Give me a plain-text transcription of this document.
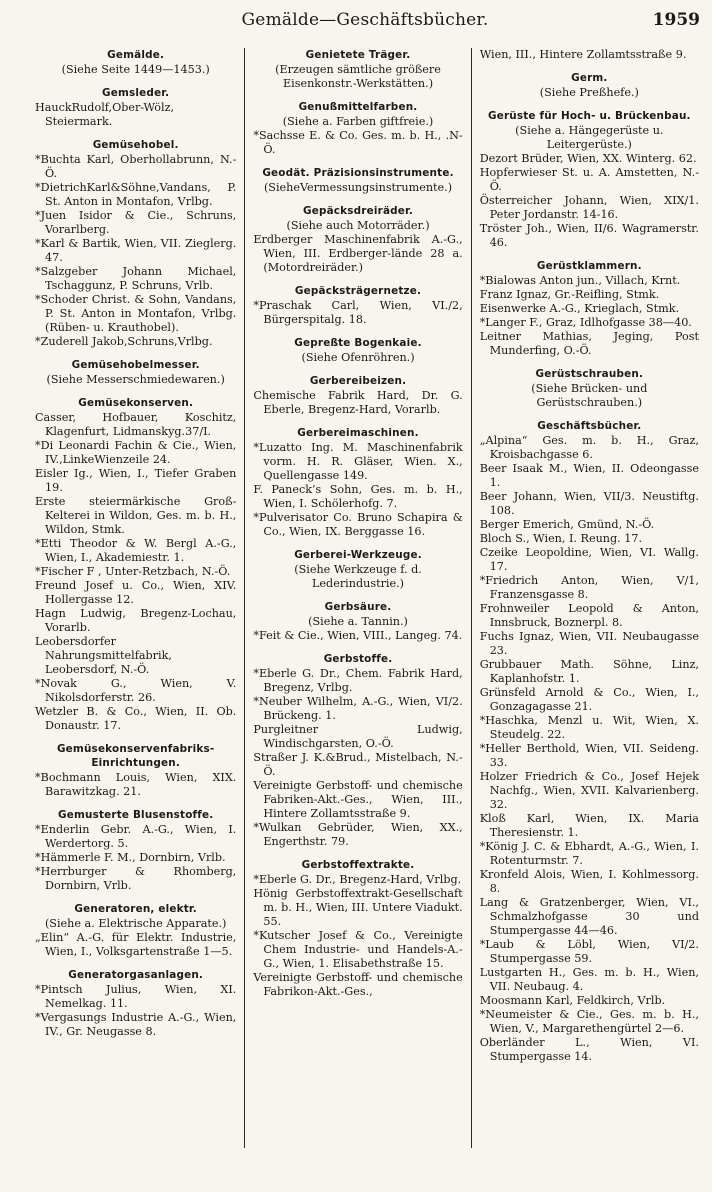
Gemälde—Geschäftsbücher.	1959
Gemälde.

(Siehe Seite 1449—1453.)

Gemsleder.

HauckRudolf,Ober-Wölz, Steiermark.

Gemüsehobel.

*Buchta Karl, Oberhollabrunn, N.-Ö.

*DietrichKarl&Söhne,Vandans, P. St. Anton in Montafon, Vrlbg.

*Juen Isidor & Cie., Schruns, Vorarlberg.

*Karl & Bartik, Wien, VII. Zieglerg. 47.

*Salzgeber Johann Michael, Tschaggunz, P. Schruns, Vrlb.

*Schoder Christ. & Sohn, Vandans, P. St. Anton in Montafon, Vrlbg. (Rüben- u. Krauthobel).

*Zuderell Jakob,Schruns,Vrlbg.

Gemüsehobelmesser.

(Siehe Messerschmiedewaren.)

Gemüsekonserven.

Casser, Hofbauer, Koschitz, Klagenfurt, Lidmanskyg.37/I.

*Di Leonardi Fachin & Cie., Wien, IV.,LinkeWienzeile 24.

Eisler Ig., Wien, I., Tiefer Graben 19.

Erste steiermärkische Groß-Kelterei in Wildon, Ges. m. b. H., Wildon, Stmk.

*Etti Theodor & W. Bergl A.-G., Wien, I., Akademiestr. 1.

*Fischer F , Unter-Retzbach, N.-Ö.

Freund Josef u. Co., Wien, XIV. Hollergasse 12.

Hagn Ludwig, Bregenz-Lochau, Vorarlb.

Leobersdorfer Nahrungsmittelfabrik, Leobersdorf, N.-Ö.

*Novak G., Wien, V. Nikolsdorferstr. 26.

Wetzler B. & Co., Wien, II. Ob. Donaustr. 17.

Gemüsekonservenfabriks-Einrichtungen.

*Bochmann Louis, Wien, XIX. Barawitzkag. 21.

Gemusterte Blusenstoffe.

*Enderlin Gebr. A.-G., Wien, I. Werdertorg. 5.

*Hämmerle F. M., Dornbirn, Vrlb.

*Herrburger & Rhomberg, Dornbirn, Vrlb.

Generatoren, elektr.

(Siehe a. Elektrische Apparate.)

„Elin“ A.-G. für Elektr. Industrie, Wien, I., Volksgartenstraße 1—5.

Generatorgasanlagen.

*Pintsch Julius, Wien, XI. Nemelkag. 11.

*Vergasungs Industrie A.-G., Wien, IV., Gr. Neugasse 8.

Genietete Träger.

(Erzeugen sämtliche größere Eisenkonstr.-Werkstätten.)

Genußmittelfarben.

(Siehe a. Farben giftfreie.)

*Sachsse E. & Co. Ges. m. b. H., .N-Ö.

Geodät. Präzisionsinstrumente.

(SieheVermessungsinstrumente.)

Gepäcksdreiräder.

(Siehe auch Motorräder.)

Erdberger Maschinenfabrik A.-G., Wien, III. Erdberger-lände 28 a. (Motordreiräder.)

Gepäcksträgernetze.

*Praschak Carl, Wien, VI./2, Bürgerspitalg. 18.

Gepreßte Bogenkaie.

(Siehe Ofenröhren.)

Gerbereibeizen.

Chemische Fabrik Hard, Dr. G. Eberle, Bregenz-Hard, Vorarlb.

Gerbereimaschinen.

*Luzatto Ing. M. Maschinenfabrik vorm. H. R. Gläser, Wien. X., Quellengasse 149.

F. Paneck’s Sohn, Ges. m. b. H., Wien, I. Schölerhofg. 7.

*Pulverisator Co. Bruno Schapira & Co., Wien, IX. Berggasse 16.

Gerberei-Werkzeuge.

(Siehe Werkzeuge f. d. Lederindustrie.)

Gerbsäure.

(Siehe a. Tannin.)

*Feit & Cie., Wien, VIII., Langeg. 74.

Gerbstoffe.

*Eberle G. Dr., Chem. Fabrik Hard, Bregenz, Vrlbg.

*Neuber Wilhelm, A.-G., Wien, VI/2. Brückeng. 1.

Purgleitner Ludwig, Windischgarsten, O.-Ö.

Straßer J. K.&Brud., Mistelbach, N.-Ö.

Vereinigte Gerbstoff- und chemische Fabriken-Akt.-Ges., Wien, III., Hintere Zollamtsstraße 9.

*Wulkan Gebrüder, Wien, XX., Engerthstr. 79.

Gerbstoffextrakte.

*Eberle G. Dr., Bregenz-Hard, Vrlbg.

Hönig Gerbstoffextrakt-Gesellschaft m. b. H., Wien, III. Untere Viadukt. 55.

*Kutscher Josef & Co., Vereinigte Chem Industrie- und Handels-A.-G., Wien, 1. Elisabethstraße 15.

Vereinigte Gerbstoff- und chemische Fabrikon-Akt.-Ges.,

Wien, III., Hintere Zollamtsstraße 9.

Germ.

(Siehe Preßhefe.)

Gerüste für Hoch- u. Brückenbau.

(Siehe a. Hängegerüste u. Leitergerüste.)

Dezort Brüder, Wien, XX. Winterg. 62.

Hopferwieser St. u. A. Amstetten, N.-Ö.

Österreicher Johann, Wien, XIX/1. Peter Jordanstr. 14-16.

Tröster Joh., Wien, II/6. Wagramerstr. 46.

Gerüstklammern.

*Bialowas Anton jun., Villach, Krnt.

Franz Ignaz, Gr.-Reifling, Stmk.

Eisenwerke A.-G., Krieglach, Stmk.

*Langer F., Graz, Idlhofgasse 38—40.

Leitner Mathias, Jeging, Post Munderfing, O.-Ö.

Gerüstschrauben.

(Siehe Brücken- und Gerüstschrauben.)

Geschäftsbücher.

„Alpina“ Ges. m. b. H., Graz, Kroisbachgasse 6.

Beer Isaak M., Wien, II. Odeongasse 1.

Beer Johann, Wien, VII/3. Neustiftg. 108.

Berger Emerich, Gmünd, N.-Ö.

Bloch S., Wien, I. Reung. 17.

Czeike Leopoldine, Wien, VI. Wallg. 17.

*Friedrich Anton, Wien, V/1, Franzensgasse 8.

Frohnweiler Leopold & Anton, Innsbruck, Boznerpl. 8.

Fuchs Ignaz, Wien, VII. Neubaugasse 23.

Grubbauer Math. Söhne, Linz, Kaplanhofstr. 1.

Grünsfeld Arnold & Co., Wien, I., Gonzagagasse 21.

*Haschka, Menzl u. Wit, Wien, X. Steudelg. 22.

*Heller Berthold, Wien, VII. Seideng. 33.

Holzer Friedrich & Co., Josef Hejek Nachfg., Wien, XVII. Kalvarienberg. 32.

Kloß Karl, Wien, IX. Maria Theresienstr. 1.

*König J. C. & Ebhardt, A.-G., Wien, I. Rotenturmstr. 7.

Kronfeld Alois, Wien, I. Kohlmessorg. 8.

Lang & Gratzenberger, Wien, VI., Schmalzhofgasse 30 und Stumpergasse 44—46.

*Laub & Löbl, Wien, VI/2. Stumpergasse 59.

Lustgarten H., Ges. m. b. H., Wien, VII. Neubaug. 4.

Moosmann Karl, Feldkirch, Vrlb.

*Neumeister & Cie., Ges. m. b. H., Wien, V., Margarethengürtel 2—6.

Oberländer L., Wien, VI. Stumpergasse 14.
